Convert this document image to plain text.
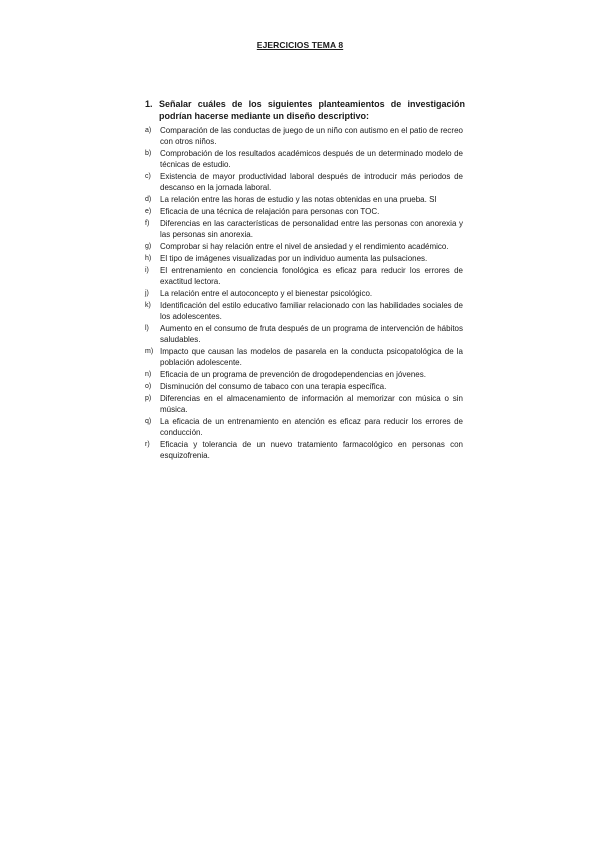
EJERCICIOS TEMA 8
1. Señalar cuáles de los siguientes planteamientos de investigación podrían hacerse mediante un diseño descriptivo:
a) Comparación de las conductas de juego de un niño con autismo en el patio de recreo con otros niños.
b) Comprobación de los resultados académicos después de un determinado modelo de técnicas de estudio.
c) Existencia de mayor productividad laboral después de introducir más periodos de descanso en la jornada laboral.
d) La relación entre las horas de estudio y las notas obtenidas en una prueba. SI
e) Eficacia de una técnica de relajación para personas con TOC.
f) Diferencias en las características de personalidad entre las personas con anorexia y las personas sin anorexia.
g) Comprobar si hay relación entre el nivel de ansiedad y el rendimiento académico.
h) El tipo de imágenes visualizadas por un individuo aumenta las pulsaciones.
i) El entrenamiento en conciencia fonológica es eficaz para reducir los errores de exactitud lectora.
j) La relación entre el autoconcepto y el bienestar psicológico.
k) Identificación del estilo educativo familiar relacionado con las habilidades sociales de los adolescentes.
l) Aumento en el consumo de fruta después de un programa de intervención de hábitos saludables.
m) Impacto que causan las modelos de pasarela en la conducta psicopatológica de la población adolescente.
n) Eficacia de un programa de prevención de drogodependencias en jóvenes.
o) Disminución del consumo de tabaco con una terapia específica.
p) Diferencias en el almacenamiento de información al memorizar con música o sin música.
q) La eficacia de un entrenamiento en atención es eficaz para reducir los errores de conducción.
r) Eficacia y tolerancia de un nuevo tratamiento farmacológico en personas con esquizofrenia.
